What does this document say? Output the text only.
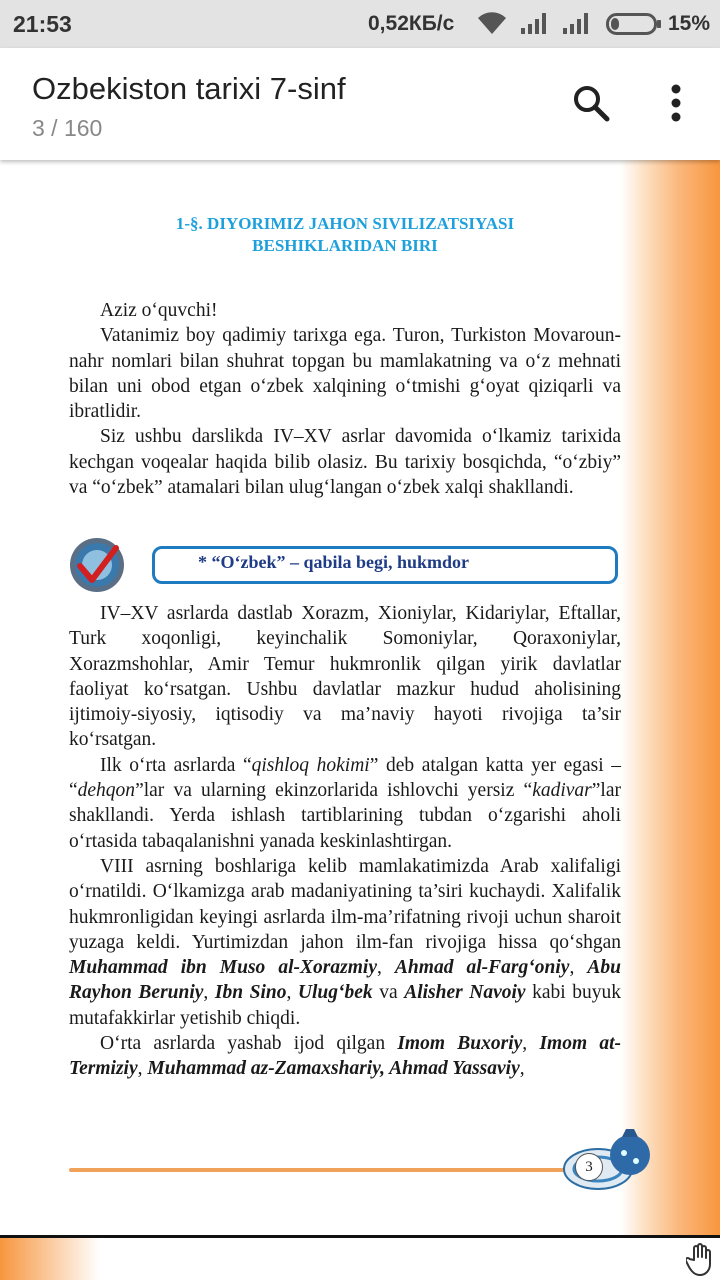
21:53	0,52КБ/с	15%
Ozbekiston tarixi 7-sinf
3 / 160
1-§. DIYORIMIZ JAHON SIVILIZATSIYASI
BESHIKLARIDAN BIRI

Aziz o‘quvchi!

Vatanimiz boy qadimiy tarixga ega. Turon, Turkiston Movarounnahr nomlari bilan shuhrat topgan bu mamlakatning va o‘z mehnati bilan uni obod etgan o‘zbek xalqining o‘tmishi g‘oyat qiziqarli va ibratlidir.

Siz ushbu darslikda IV–XV asrlar davomida o‘lkamiz tarixida kechgan voqealar haqida bilib olasiz. Bu tarixiy bosqichda, “o‘zbiy” va “o‘zbek” atamalari bilan ulug‘langan o‘zbek xalqi shakllandi.

* “O‘zbek” – qabila begi, hukmdor

IV–XV asrlarda dastlab Xorazm, Xioniylar, Kidariylar, Eftallar, Turk xoqonligi, keyinchalik Somoniylar, Qoraxoniylar, Xorazmshohlar, Amir Temur hukmronlik qilgan yirik davlatlar faoliyat ko‘rsatgan. Ushbu davlatlar mazkur hudud aholisining ijtimoiy-siyosiy, iqtisodiy va ma’naviy hayoti rivojiga ta’sir ko‘rsatgan.

Ilk o‘rta asrlarda “qishloq hokimi” deb atalgan katta yer egasi – “dehqon”lar va ularning ekinzorlarida ishlovchi yersiz “kadivar”lar shakllandi. Yerda ishlash tartiblarining tubdan o‘zgarishi aholi o‘rtasida tabaqalanishni yanada keskinlashtirgan.

VIII asrning boshlariga kelib mamlakatimizda Arab xalifaligi o‘rnatildi. O‘lkamizga arab madaniyatining ta’siri kuchaydi. Xalifalik hukmronligidan keyingi asrlarda ilm-ma’rifatning rivoji uchun sharoit yuzaga keldi. Yurtimizdan jahon ilm-fan rivojiga hissa qo‘shgan Muhammad ibn Muso al-Xorazmiy, Ahmad al-Farg‘oniy, Abu Rayhon Beruniy, Ibn Sino, Ulug‘bek va Alisher Navoiy kabi buyuk mutafakkirlar yetishib chiqdi.

O‘rta asrlarda yashab ijod qilgan Imom Buxoriy, Imom at-Termiziy, Muhammad az-Zamaxshariy, Ahmad Yassaviy,

3
